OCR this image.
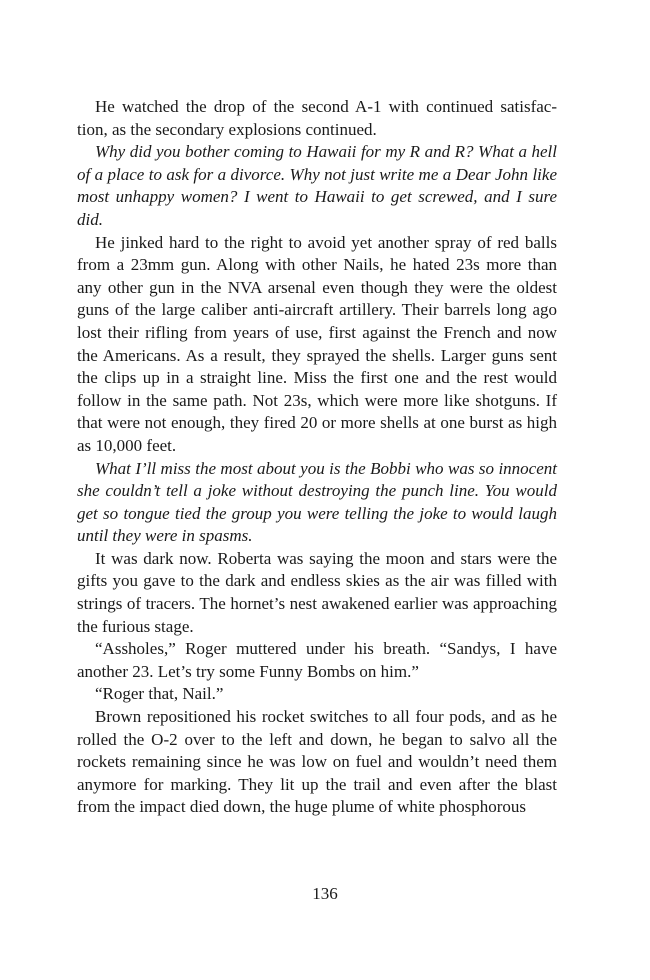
He watched the drop of the second A-1 with continued satisfac-tion, as the secondary explosions continued.

Why did you bother coming to Hawaii for my R and R? What a hell of a place to ask for a divorce. Why not just write me a Dear John like most unhappy women? I went to Hawaii to get screwed, and I sure did.

He jinked hard to the right to avoid yet another spray of red balls from a 23mm gun. Along with other Nails, he hated 23s more than any other gun in the NVA arsenal even though they were the oldest guns of the large caliber anti-aircraft artillery. Their barrels long ago lost their rifling from years of use, first against the French and now the Americans. As a result, they sprayed the shells. Larger guns sent the clips up in a straight line. Miss the first one and the rest would follow in the same path. Not 23s, which were more like shotguns. If that were not enough, they fired 20 or more shells at one burst as high as 10,000 feet.

What I’ll miss the most about you is the Bobbi who was so innocent she couldn’t tell a joke without destroying the punch line. You would get so tongue tied the group you were telling the joke to would laugh until they were in spasms.

It was dark now. Roberta was saying the moon and stars were the gifts you gave to the dark and endless skies as the air was filled with strings of tracers. The hornet’s nest awakened earlier was approaching the furious stage.

“Assholes,” Roger muttered under his breath. “Sandys, I have another 23. Let’s try some Funny Bombs on him.”

“Roger that, Nail.”

Brown repositioned his rocket switches to all four pods, and as he rolled the O-2 over to the left and down, he began to salvo all the rockets remaining since he was low on fuel and wouldn’t need them anymore for marking. They lit up the trail and even after the blast from the impact died down, the huge plume of white phosphorous

136
